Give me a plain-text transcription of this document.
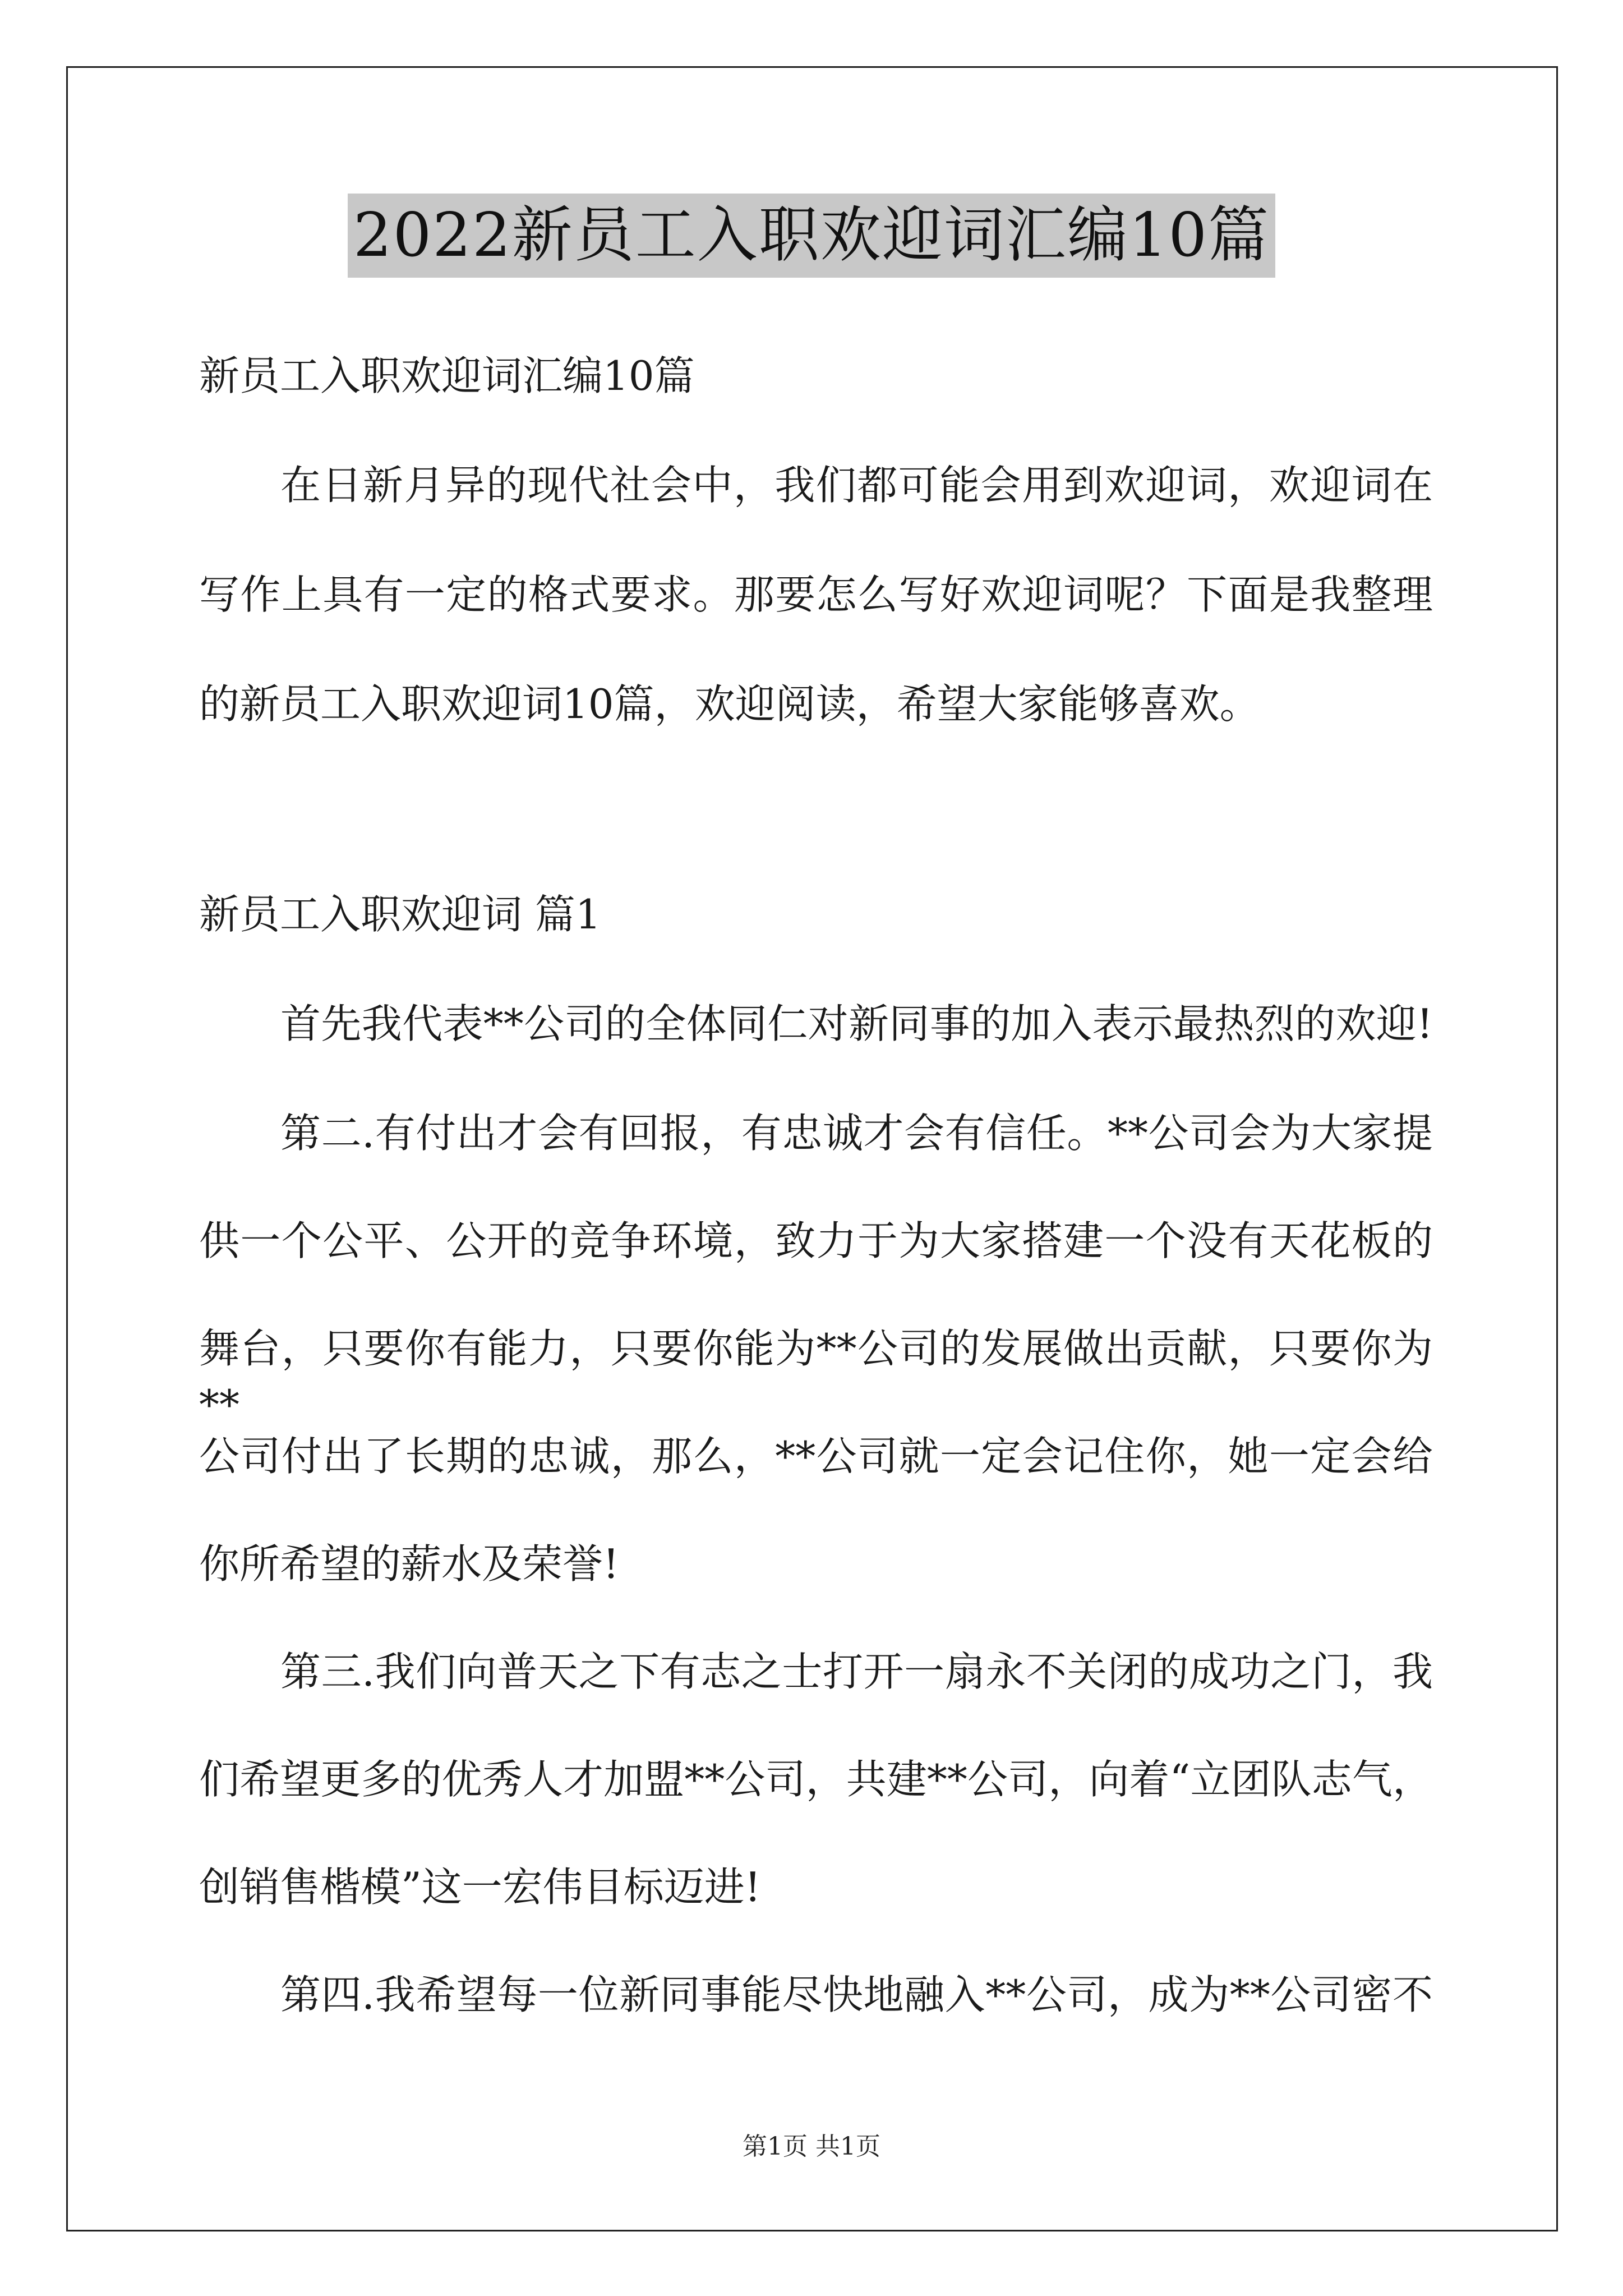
2022新员工入职欢迎词汇编10篇
新员工入职欢迎词汇编10篇
在日新月异的现代社会中，我们都可能会用到欢迎词，欢迎词在
写作上具有一定的格式要求。那要怎么写好欢迎词呢？下面是我整理
的新员工入职欢迎词10篇，欢迎阅读，希望大家能够喜欢。
新员工入职欢迎词 篇1
首先我代表**公司的全体同仁对新同事的加入表示最热烈的欢迎!
第二.有付出才会有回报，有忠诚才会有信任。**公司会为大家提
供一个公平、公开的竞争环境，致力于为大家搭建一个没有天花板的
舞台，只要你有能力，只要你能为**公司的发展做出贡献，只要你为**
公司付出了长期的忠诚，那么，**公司就一定会记住你，她一定会给
你所希望的薪水及荣誉!
第三.我们向普天之下有志之士打开一扇永不关闭的成功之门，我
们希望更多的优秀人才加盟**公司，共建**公司，向着“立团队志气，
创销售楷模”这一宏伟目标迈进!
第四.我希望每一位新同事能尽快地融入**公司，成为**公司密不
第1页 共1页
